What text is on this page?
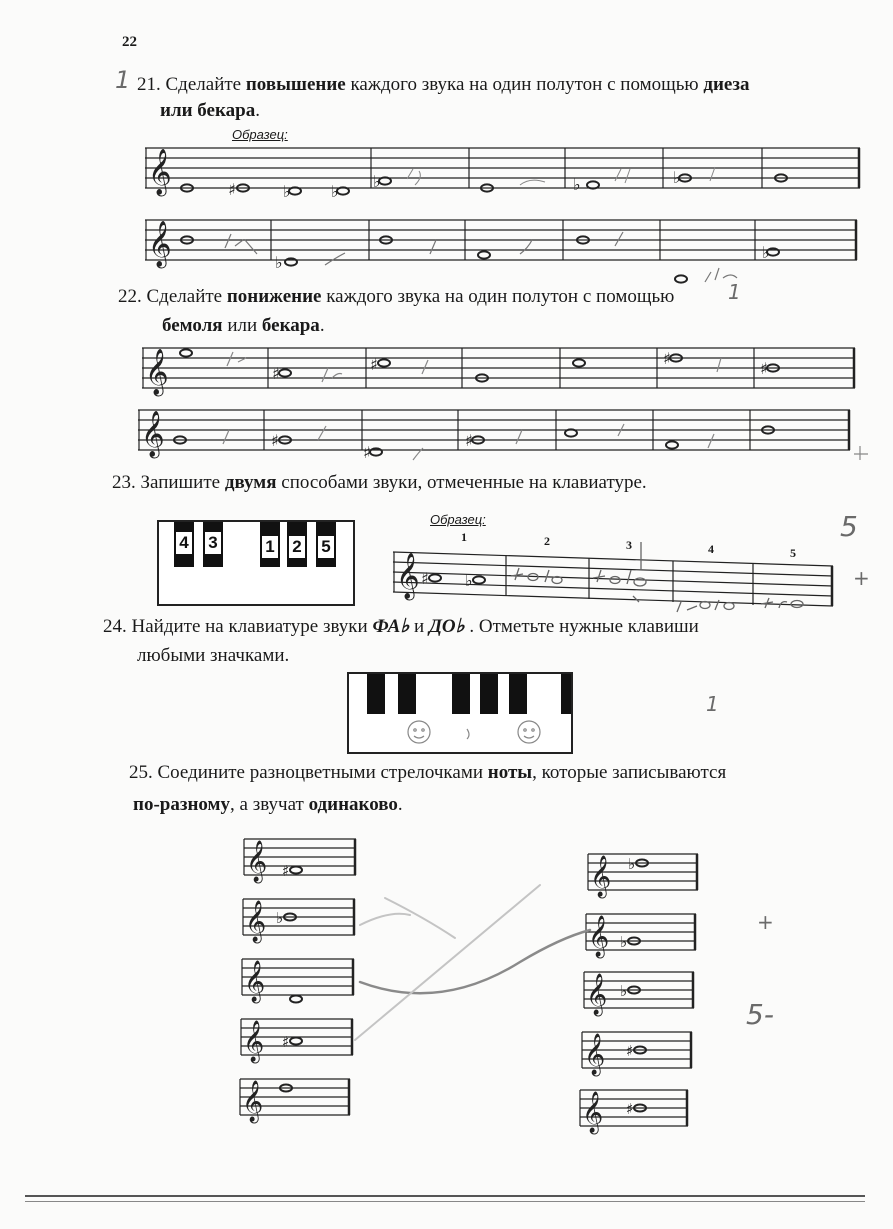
22
21. Сделайте повышение каждого звука на один полутон с помощью диеза
или бекара.
Образец:
𝄞	♯	♭	♭
♭	♭	♭
𝄞	♭
♭
22. Сделайте понижение каждого звука на один полутон с помощью
бемоля или бекара.
𝄞	♯	♯	♯
♯
𝄞	♯
♯
♯
23. Запишите двумя способами звуки, отмеченные на клавиатуре.
Образец:
4 3	1 2 5	1	2	3	4	5
𝄞 ♯ ♭
24. Найдите на клавиатуре звуки ФА♭ и ДО♭ . Отметьте нужные клавиши
любыми значками.
25. Соедините разноцветными стрелочками ноты, которые записываются
по-разному, а звучат одинаково.
𝄞
𝄞
𝄞
𝄞
𝄞
♯
♭
♯
𝄞
𝄞
𝄞
𝄞
𝄞
♭
♭
♭
♯
♯
1
1
5
+
1
+
5-
